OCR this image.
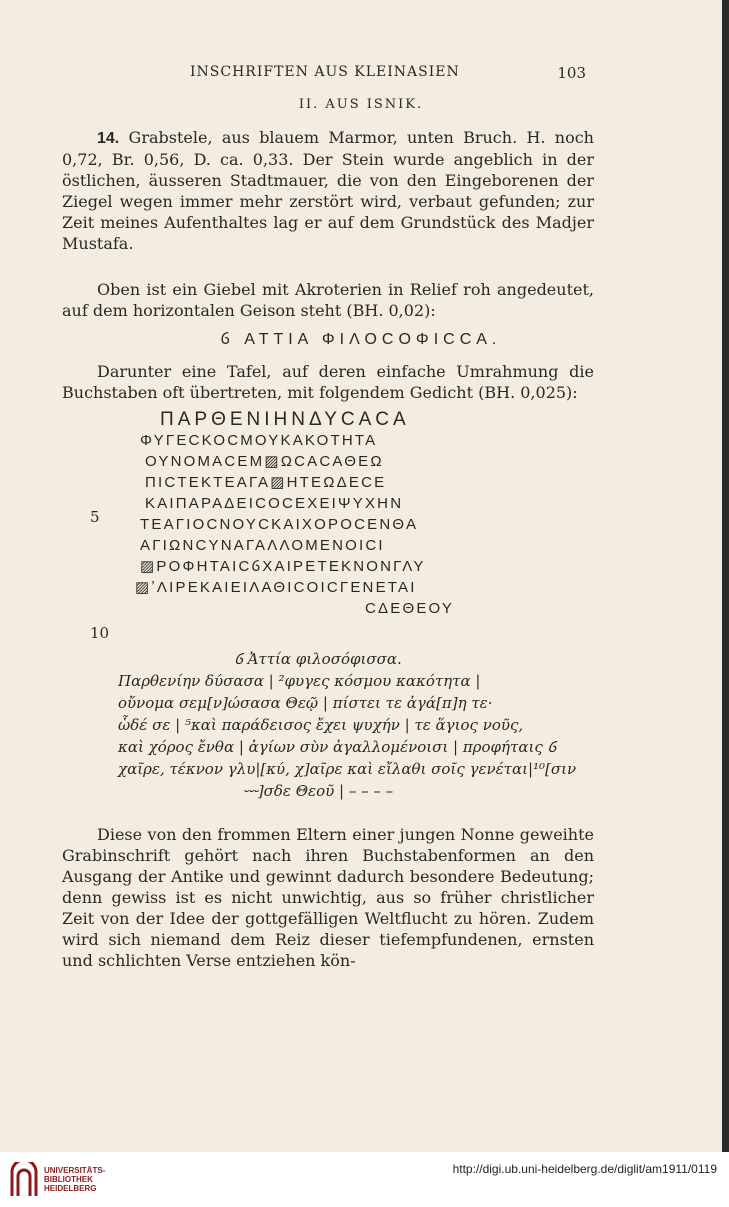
INSCHRIFTEN AUS KLEINASIEN	103
II. AUS ISNIK.

14. Grabstele, aus blauem Marmor, unten Bruch. H. noch 0,72, Br. 0,56, D. ca. 0,33. Der Stein wurde angeblich in der östlichen, äusseren Stadtmauer, die von den Eingeborenen der Ziegel wegen immer mehr zerstört wird, verbaut gefunden; zur Zeit meines Aufenthaltes lag er auf dem Grundstück des Madjer Mustafa.

Oben ist ein Giebel mit Akroterien in Relief roh angedeutet, auf dem horizontalen Geison steht (BH. 0,02):

ⳓ ΑΤΤΙΑ ΦΙΛΟCΟΦΙCCΑ.

Darunter eine Tafel, auf deren einfache Umrahmung die Buchstaben oft übertreten, mit folgendem Gedicht (BH. 0,025):

ΠΑΡΘΕΝΙΗΝΔΥCΑCΑ
ΦΥΓΕCΚΟCΜΟΥΚΑΚΟΤΗΤΑ
ΟΥΝΟΜΑCΕΜ▨ΩCΑCΑΘΕΩ
ΠΙCΤΕΚΤΕΑΓΑ▨ΗΤΕΩΔΕCΕ
ΚΑΙΠΑΡΑΔΕΙCΟCΕΧΕΙΨΥΧΗΝ
ΤΕΑΓΙΟCΝΟΥCΚΑΙΧΟΡΟCΕΝΘΑ
ΑΓΙΩΝCΥΝΑΓΑΛΛΟΜΕΝΟΙCΙ
▨ΡΟΦΗΤΑΙCⳓΧΑΙΡΕΤΕΚΝΟΝΓΛΥ
▨ʼΛΙΡΕΚΑΙΕΙΛΑΘΙCΟΙCΓΕΝΕΤΑΙ
CΔΕΘΕΟΥ
5
10
ⳓ Ἀττία φιλοσόφισσα.
Παρθενίην δύσασα | ²φυγες κόσμου κακότητα |
οὔνομα σεμ[ν]ώσασα Θεῷ | πίστει τε ἀγά[π]η τε·
ὧδέ σε | ⁵καὶ παράδεισος ἔχει ψυχήν | τε ἅγιος νοῦς,
καὶ χόρος ἔνθα | ἁγίων σὺν ἀγαλλομένοισι | προφήταις ⳓ
χαῖρε, τέκνον γλυ|[κύ, χ]αῖρε καὶ εἴλαθι σοῖς γενέται|¹⁰[σιν
⏑⏑⏑]σδε Θεοῦ | – – – –

Diese von den frommen Eltern einer jungen Nonne geweihte Grabinschrift gehört nach ihren Buchstabenformen an den Ausgang der Antike und gewinnt dadurch besondere Bedeutung; denn gewiss ist es nicht unwichtig, aus so früher christlicher Zeit von der Idee der gottgefälligen Weltflucht zu hören. Zudem wird sich niemand dem Reiz dieser tiefempfundenen, ernsten und schlichten Verse entziehen kön-

UNIVERSITÄTS-
BIBLIOTHEK
HEIDELBERG
http://digi.ub.uni-heidelberg.de/diglit/am1911/0119
